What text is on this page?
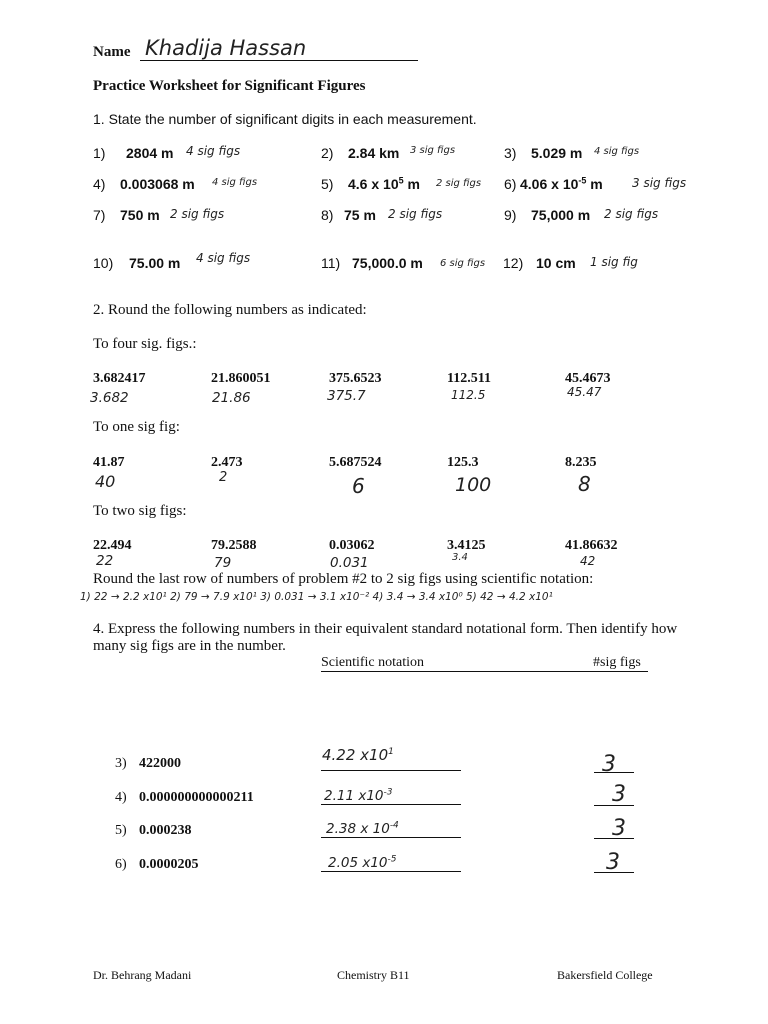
Name Khadija Hassan
Practice Worksheet for Significant Figures
1. State the number of significant digits in each measurement.
1) 2804 m 4 sig figs	2) 2.84 km 3 sig figs	3) 5.029 m 4 sig figs
4) 0.003068 m 4 sig figs	5) 4.6 x $10^5$ m 2 sig figs 6) 4.06 x $10^{-5}$ m 3 sig figs
7) 750 m 2 sig figs	8) 75 m 2 sig figs	9) 75,000 m 2 sig figs
10) 75.00 m 4 sig figs	11) 75,000.0 m 6 sig figs 12) 10 cm 1 sig fig
2. Round the following numbers as indicated:
To four sig. figs.:
3.682417	21.860051	375.6523	112.511	45.4673
3.682	21.86	375.7	112.5	45.47
To one sig fig:
41.87	2.473	5.687524	125.3	8.235
40	2	6	100	8
To two sig figs:
22.494	79.2588	0.03062	3.4125	41.86632
22	79	0.031	3.4	42
Round the last row of numbers of problem #2 to 2 sig figs using scientific notation:
1) 22 → 2.2 x10¹ 2) 79 → 7.9 x10¹ 3) 0.031 → 3.1 x10⁻² 4) 3.4 → 3.4 x10⁰ 5) 42 → 4.2 x10¹
4. Express the following numbers in their equivalent standard notational form. Then identify how
many sig figs are in the number.
Scientific notation	#sig figs
3) 422000	4.22 $x10^1$	3
4) 0.000000000000211	2.11 $x10^{-3}$	3
5) 0.000238	2.38 x $10^{-4}$	3
6) 0.0000205	2.05 $x10^{-5}$	3
Dr. Behrang Madani	Chemistry B11	Bakersfield College
